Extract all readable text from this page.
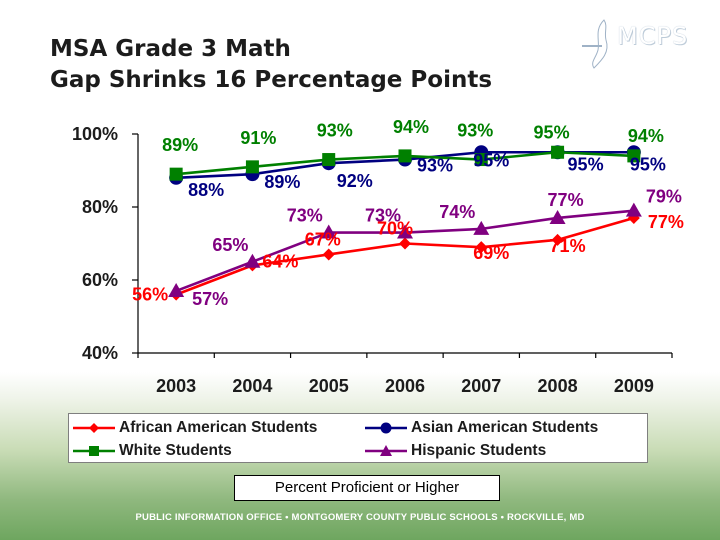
MSA Grade 3 Math
Gap Shrinks 16 Percentage Points
MCPS
40%
60%
80%
100%
2003 2004 2005 2006 2007 2008 2009
56%
64%
67%
70%
69% 71%
77%
88% 89% 92%
93% 95%	95% 95%
89% 91% 93% 94% 93% 95%	94%
57%
65%
73% 73% 74%
77%	79%
African American Students	Asian American Students
White Students	Hispanic Students
Percent Proficient or Higher
PUBLIC INFORMATION OFFICE • MONTGOMERY COUNTY PUBLIC SCHOOLS • ROCKVILLE, MD
